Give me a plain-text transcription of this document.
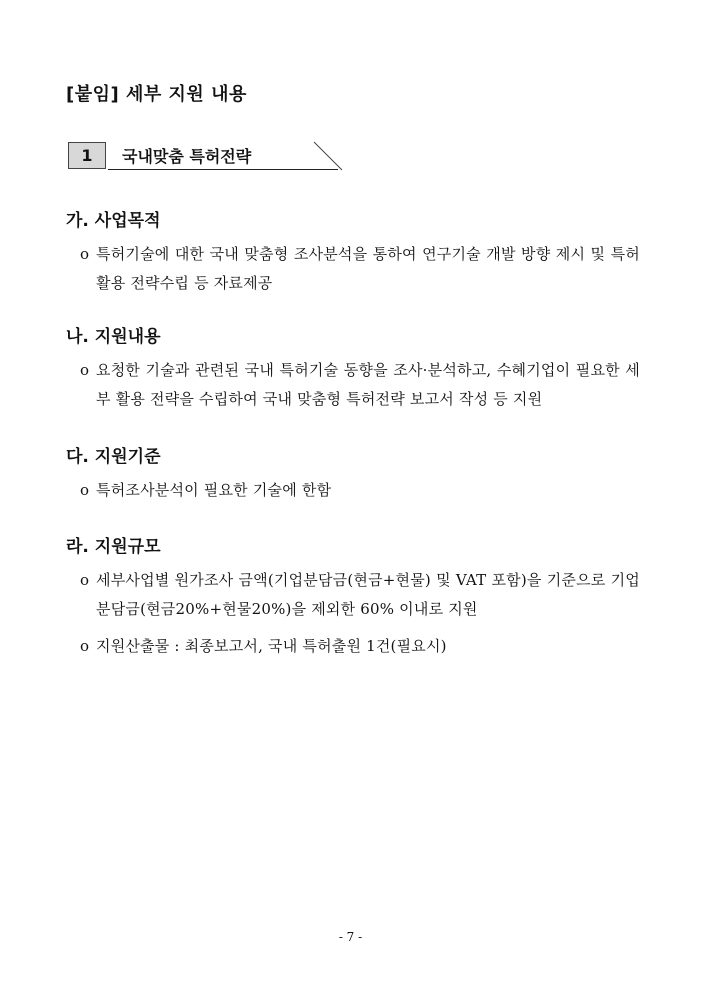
[붙임] 세부 지원 내용
1	국내맞춤 특허전략
가. 사업목적
o 특허기술에 대한 국내 맞춤형 조사분석을 통하여 연구기술 개발 방향 제시 및 특허 활용 전략수립 등 자료제공
나. 지원내용
o 요청한 기술과 관련된 국내 특허기술 동향을 조사·분석하고, 수혜기업이 필요한 세부 활용 전략을 수립하여 국내 맞춤형 특허전략 보고서 작성 등 지원
다. 지원기준
o 특허조사분석이 필요한 기술에 한함
라. 지원규모
o 세부사업별 원가조사 금액(기업분담금(현금+현물) 및 VAT 포함)을 기준으로 기업분담금(현금20%+현물20%)을 제외한 60% 이내로 지원
o 지원산출물 : 최종보고서, 국내 특허출원 1건(필요시)
- 7 -
